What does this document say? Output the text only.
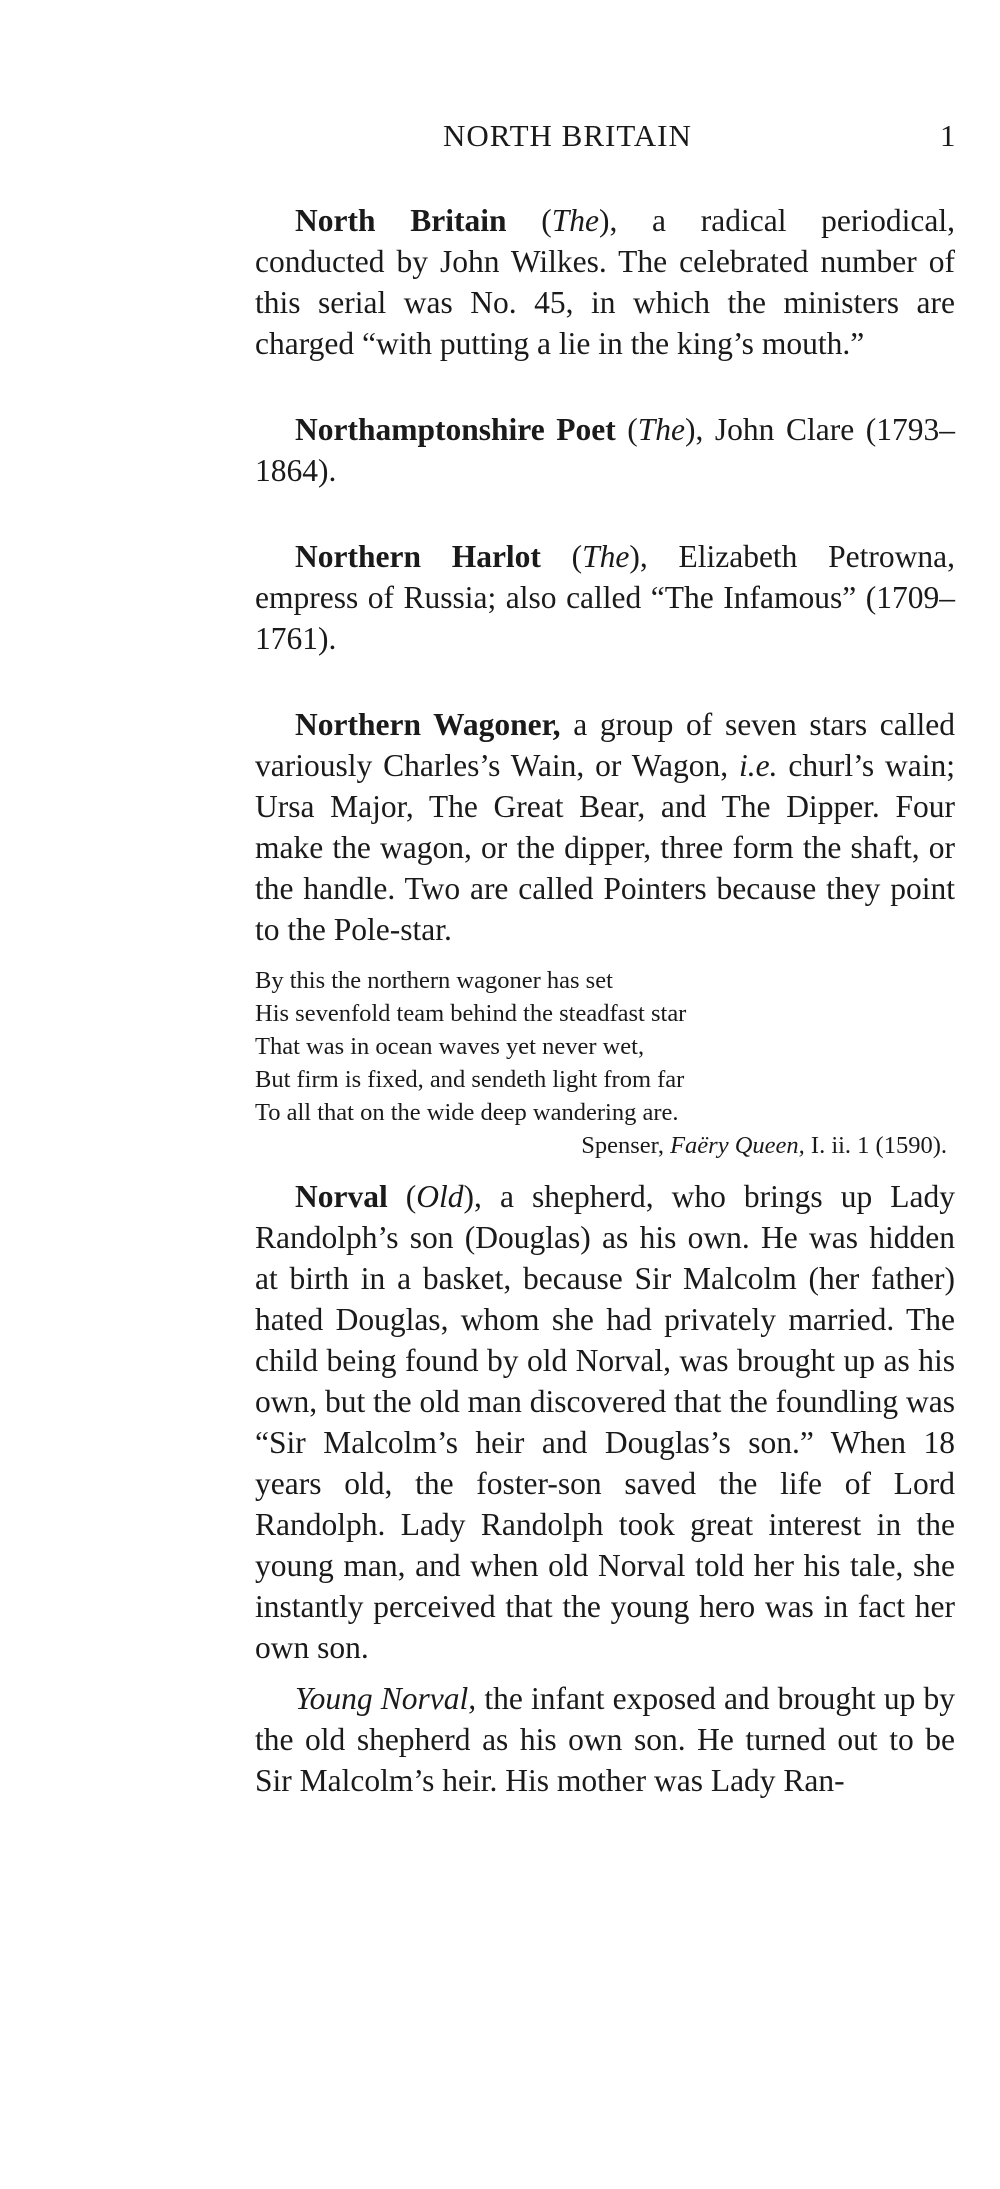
NORTH BRITAIN	1

North Britain (The), a radical periodical, conducted by John Wilkes. The celebrated number of this serial was No. 45, in which the ministers are charged “with putting a lie in the king’s mouth.”

Northamptonshire Poet (The), John Clare (1793–1864).

Northern Harlot (The), Elizabeth Petrowna, empress of Russia; also called “The Infamous” (1709–1761).

Northern Wagoner, a group of seven stars called variously Charles’s Wain, or Wagon, i.e. churl’s wain; Ursa Major, The Great Bear, and The Dipper. Four make the wagon, or the dipper, three form the shaft, or the handle. Two are called Pointers because they point to the Pole-star.

By this the northern wagoner has set
His sevenfold team behind the steadfast star
That was in ocean waves yet never wet,
But firm is fixed, and sendeth light from far
To all that on the wide deep wandering are.
Spenser, Faëry Queen, I. ii. 1 (1590).

Norval (Old), a shepherd, who brings up Lady Randolph’s son (Douglas) as his own. He was hidden at birth in a basket, because Sir Malcolm (her father) hated Douglas, whom she had privately married. The child being found by old Norval, was brought up as his own, but the old man discovered that the foundling was “Sir Malcolm’s heir and Douglas’s son.” When 18 years old, the foster-son saved the life of Lord Randolph. Lady Randolph took great interest in the young man, and when old Norval told her his tale, she instantly perceived that the young hero was in fact her own son.

Young Norval, the infant exposed and brought up by the old shepherd as his own son. He turned out to be Sir Malcolm’s heir. His mother was Lady Ran-
